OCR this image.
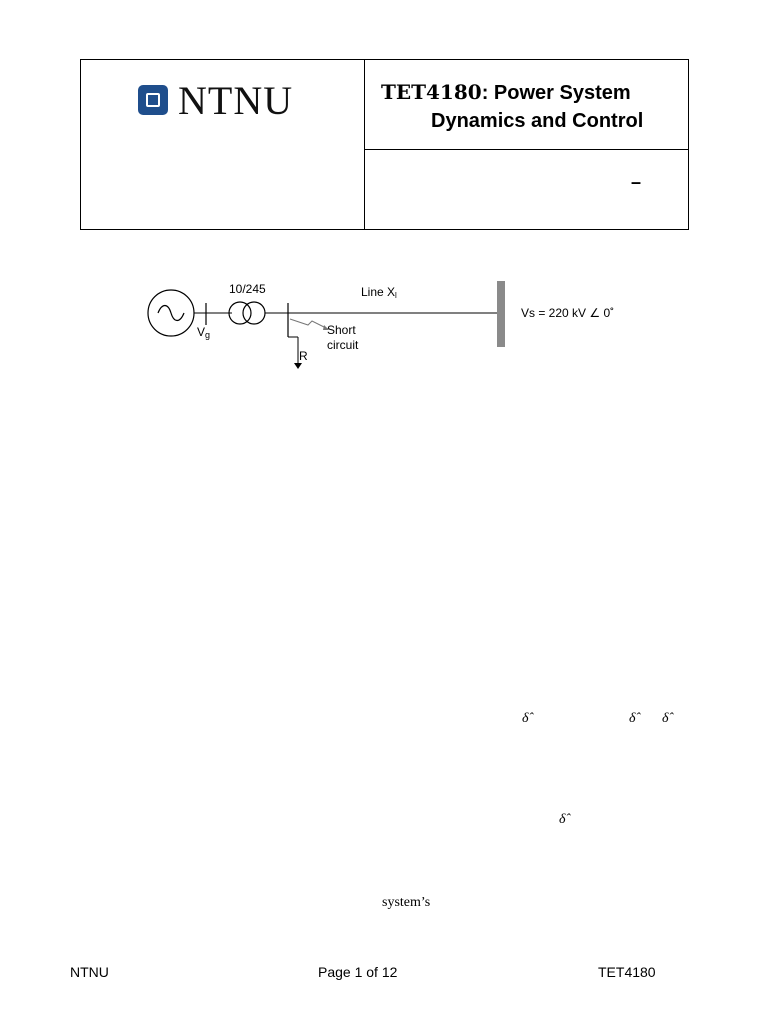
NTNU	TET4180: Power System
Dynamics and Control
–
Vg
10/245	Line Xl
Short
circuit
R
Vs = 220 kV ∠ 0˚
δ̂	δ̂ δ̂
δ̂
system’s
NTNU	Page 1 of 12	TET4180
